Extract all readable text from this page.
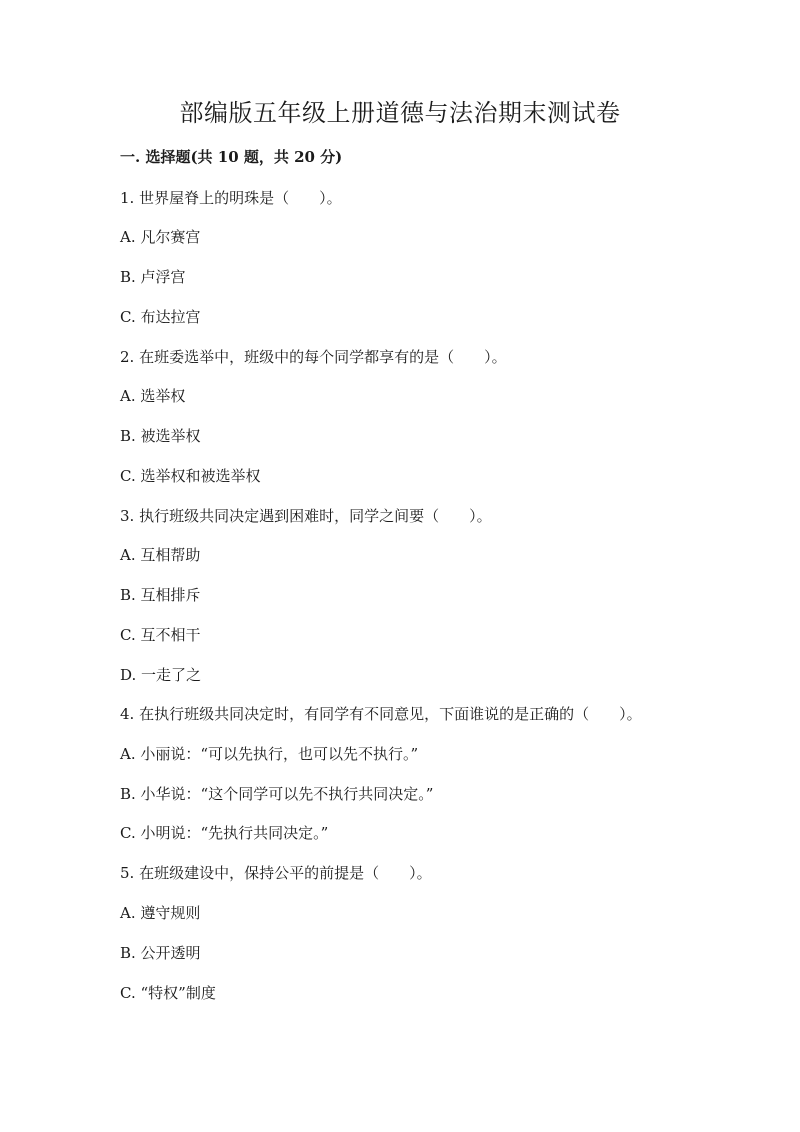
部编版五年级上册道德与法治期末测试卷
一. 选择题(共 10 题，共 20 分)
1. 世界屋脊上的明珠是（　　）。
A. 凡尔赛宫
B. 卢浮宫
C. 布达拉宫
2. 在班委选举中，班级中的每个同学都享有的是（　　）。
A. 选举权
B. 被选举权
C. 选举权和被选举权
3. 执行班级共同决定遇到困难时，同学之间要（　　）。
A. 互相帮助
B. 互相排斥
C. 互不相干
D. 一走了之
4. 在执行班级共同决定时，有同学有不同意见，下面谁说的是正确的（　　）。
A. 小丽说：“可以先执行，也可以先不执行。”
B. 小华说：“这个同学可以先不执行共同决定。”
C. 小明说：“先执行共同决定。”
5. 在班级建设中，保持公平的前提是（　　）。
A. 遵守规则
B. 公开透明
C. “特权”制度
